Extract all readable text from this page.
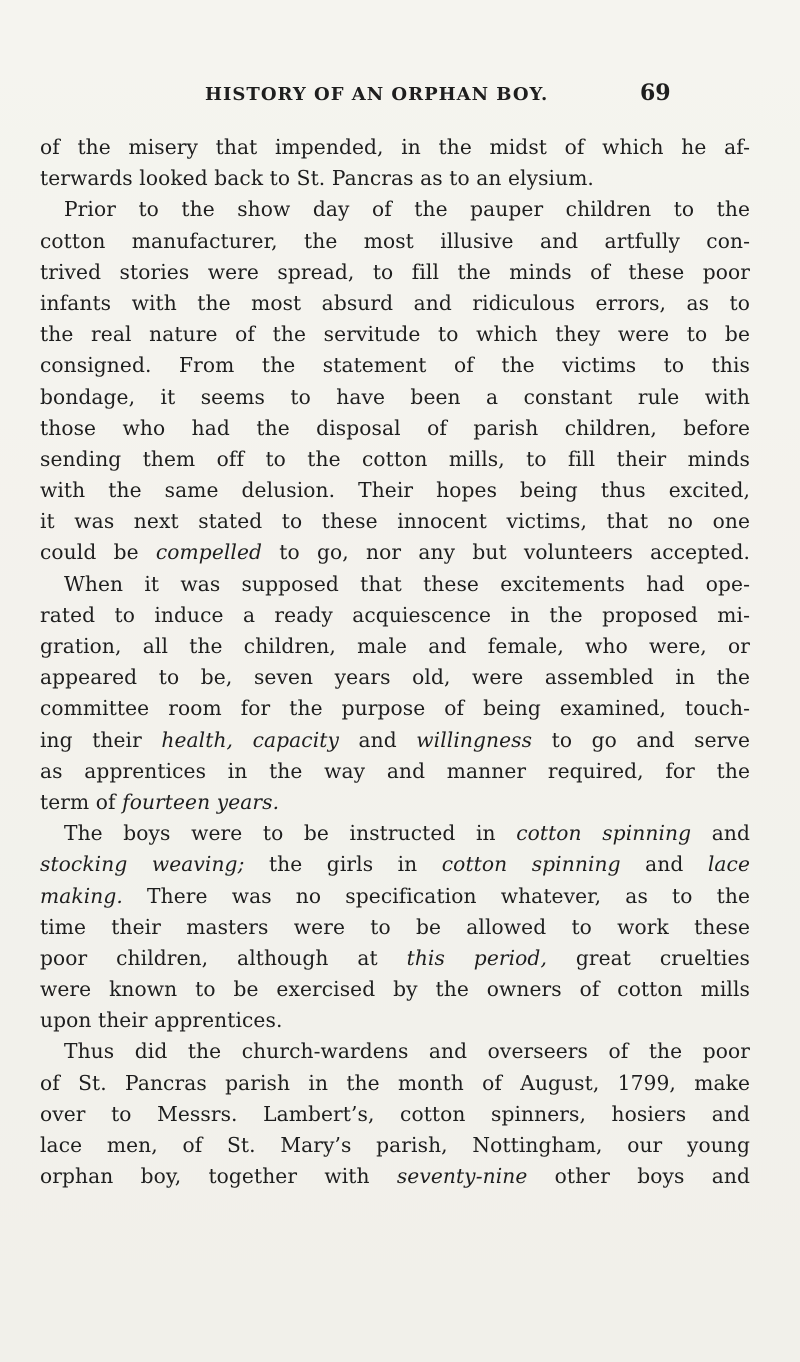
HISTORY OF AN ORPHAN BOY.	69
of the misery that impended, in the midst of which he af-
terwards looked back to St. Pancras as to an elysium.
Prior to the show day of the pauper children to the
cotton manufacturer, the most illusive and artfully con-
trived stories were spread, to fill the minds of these poor
infants with the most absurd and ridiculous errors, as to
the real nature of the servitude to which they were to be
consigned. From the statement of the victims to this
bondage, it seems to have been a constant rule with
those who had the disposal of parish children, before
sending them off to the cotton mills, to fill their minds
with the same delusion. Their hopes being thus excited,
it was next stated to these innocent victims, that no one
could be compelled to go, nor any but volunteers accepted.
When it was supposed that these excitements had ope-
rated to induce a ready acquiescence in the proposed mi-
gration, all the children, male and female, who were, or
appeared to be, seven years old, were assembled in the
committee room for the purpose of being examined, touch-
ing their health, capacity and willingness to go and serve
as apprentices in the way and manner required, for the
term of fourteen years.
The boys were to be instructed in cotton spinning and
stocking weaving; the girls in cotton spinning and lace
making. There was no specification whatever, as to the
time their masters were to be allowed to work these
poor children, although at this period, great cruelties
were known to be exercised by the owners of cotton mills
upon their apprentices.
Thus did the church-wardens and overseers of the poor
of St. Pancras parish in the month of August, 1799, make
over to Messrs. Lambert’s, cotton spinners, hosiers and
lace men, of St. Mary’s parish, Nottingham, our young
orphan boy, together with seventy-nine other boys and
